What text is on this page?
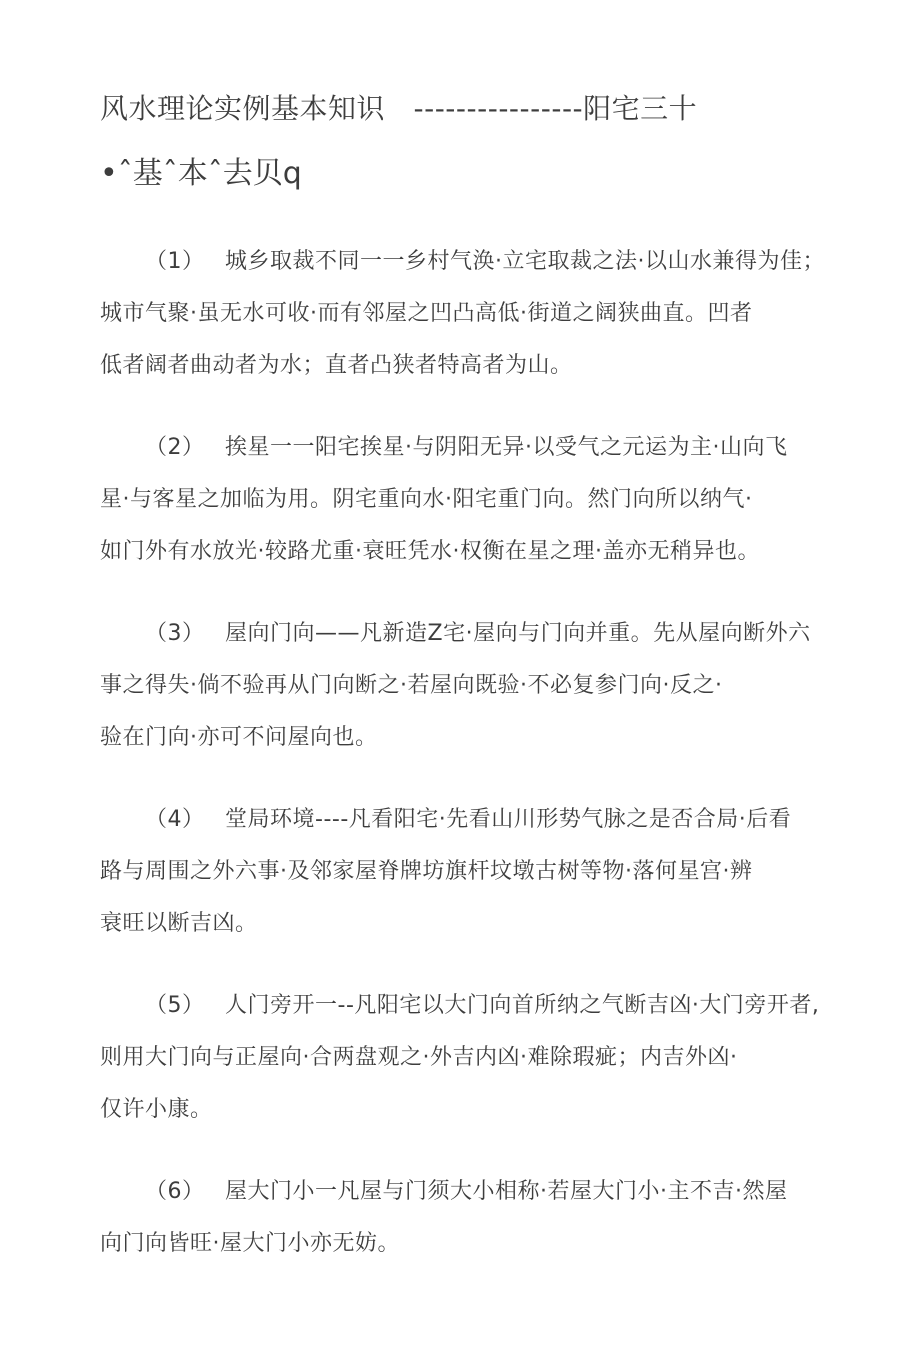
风水理论实例基本知识　----------------阳宅三十
•ˆ基ˆ本ˆ去贝q
（1） 城乡取裁不同一一乡村气涣·立宅取裁之法·以山水兼得为佳；
城市气聚·虽无水可收·而有邻屋之凹凸高低·街道之阔狭曲直。凹者
低者阔者曲动者为水；直者凸狭者特高者为山。
（2） 挨星一一阳宅挨星·与阴阳无异·以受气之元运为主·山向飞
星·与客星之加临为用。阴宅重向水·阳宅重门向。然门向所以纳气·
如门外有水放光·较路尤重·衰旺凭水·权衡在星之理·盖亦无稍异也。
（3） 屋向门向——凡新造Z宅·屋向与门向并重。先从屋向断外六
事之得失·倘不验再从门向断之·若屋向既验·不必复参门向·反之·
验在门向·亦可不问屋向也。
（4） 堂局环境----凡看阳宅·先看山川形势气脉之是否合局·后看
路与周围之外六事·及邻家屋脊牌坊旗杆坟墩古树等物·落何星宫·辨
衰旺以断吉凶。
（5） 人门旁开一--凡阳宅以大门向首所纳之气断吉凶·大门旁开者,
则用大门向与正屋向·合两盘观之·外吉内凶·难除瑕疵；内吉外凶·
仅许小康。
（6） 屋大门小一凡屋与门须大小相称·若屋大门小·主不吉·然屋
向门向皆旺·屋大门小亦无妨。
